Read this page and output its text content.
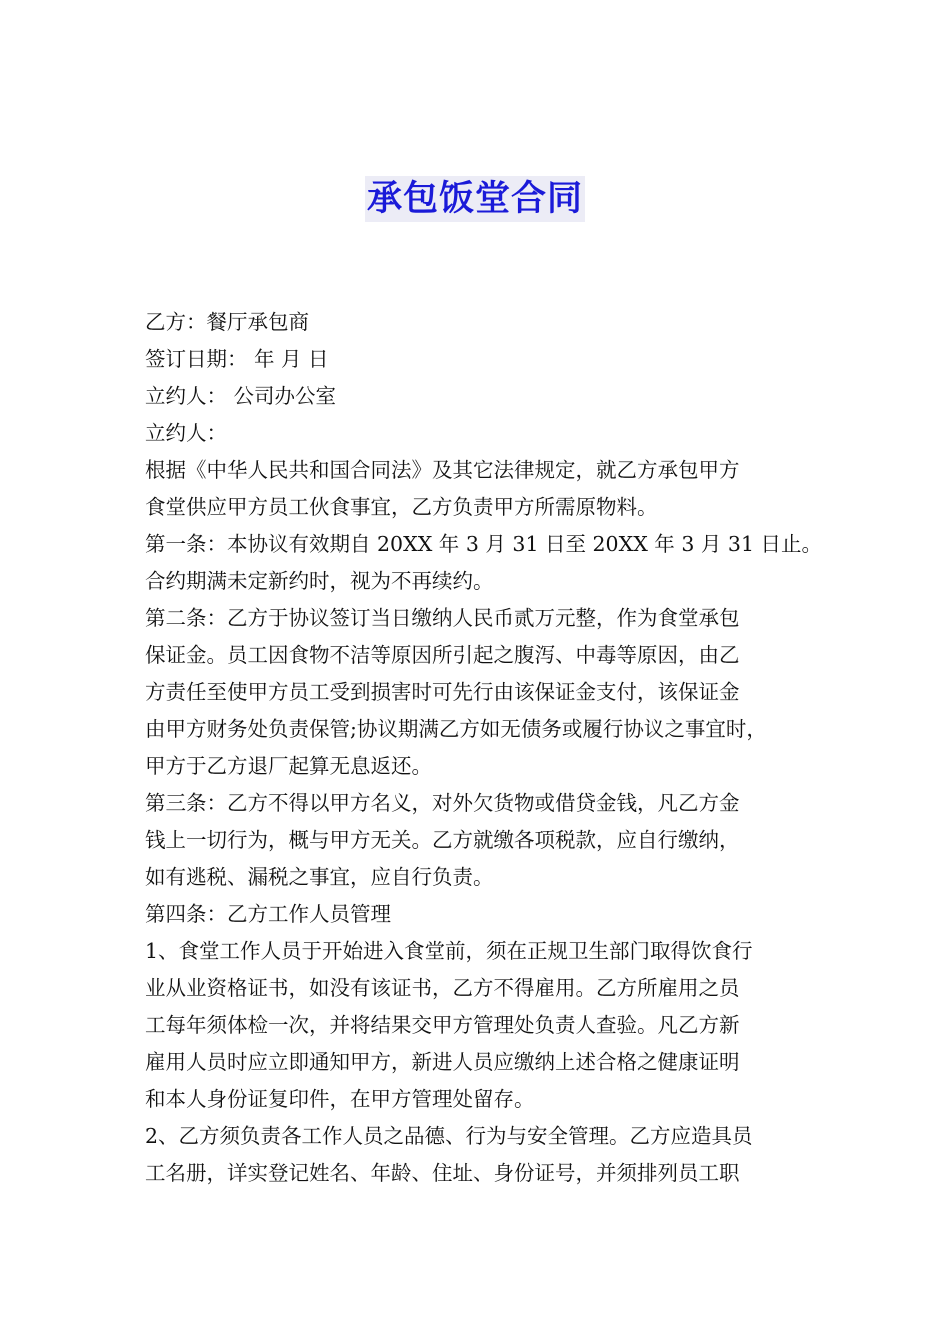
承包饭堂合同
乙方：餐厅承包商
签订日期： 年 月 日
立约人： 公司办公室
立约人：
根据《中华人民共和国合同法》及其它法律规定，就乙方承包甲方
食堂供应甲方员工伙食事宜，乙方负责甲方所需原物料。
第一条：本协议有效期自 20XX 年 3 月 31 日至 20XX 年 3 月 31 日止。
合约期满未定新约时，视为不再续约。
第二条：乙方于协议签订当日缴纳人民币贰万元整，作为食堂承包
保证金。员工因食物不洁等原因所引起之腹泻、中毒等原因，由乙
方责任至使甲方员工受到损害时可先行由该保证金支付，该保证金
由甲方财务处负责保管;协议期满乙方如无债务或履行协议之事宜时，
甲方于乙方退厂起算无息返还。
第三条：乙方不得以甲方名义，对外欠货物或借贷金钱，凡乙方金
钱上一切行为，概与甲方无关。乙方就缴各项税款，应自行缴纳，
如有逃税、漏税之事宜，应自行负责。
第四条：乙方工作人员管理
1、食堂工作人员于开始进入食堂前，须在正规卫生部门取得饮食行
业从业资格证书，如没有该证书，乙方不得雇用。乙方所雇用之员
工每年须体检一次，并将结果交甲方管理处负责人查验。凡乙方新
雇用人员时应立即通知甲方，新进人员应缴纳上述合格之健康证明
和本人身份证复印件，在甲方管理处留存。
2、乙方须负责各工作人员之品德、行为与安全管理。乙方应造具员
工名册，详实登记姓名、年龄、住址、身份证号，并须排列员工职
